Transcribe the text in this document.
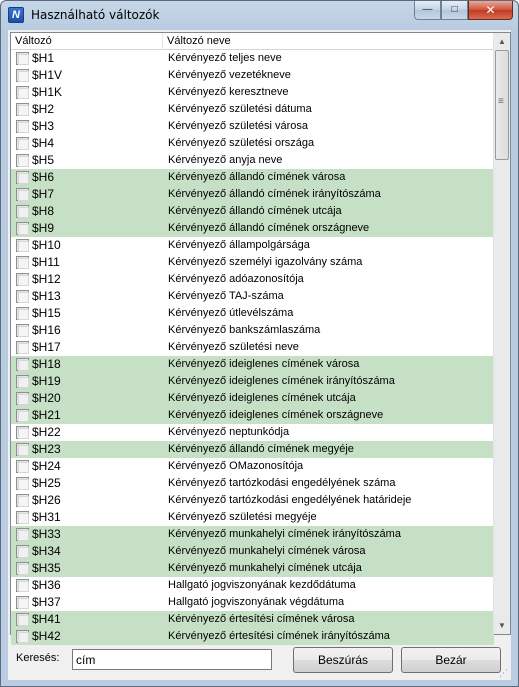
N Használható változók	—	□	✕
Változó	Változó neve
$H1	Kérvényező teljes neve
$H1V	Kérvényező vezetékneve
$H1K	Kérvényező keresztneve
$H2	Kérvényező születési dátuma
$H3	Kérvényező születési városa
$H4	Kérvényező születési országa
$H5	Kérvényező anyja neve
$H6	Kérvényező állandó címének városa
$H7	Kérvényező állandó címének irányítószáma
$H8	Kérvényező állandó címének utcája
$H9	Kérvényező állandó címének országneve
$H10	Kérvényező állampolgársága
$H11	Kérvényező személyi igazolvány száma
$H12	Kérvényező adóazonosítója
$H13	Kérvényező TAJ-száma
$H15	Kérvényező útlevélszáma
$H16	Kérvényező bankszámlaszáma
$H17	Kérvényező születési neve
$H18	Kérvényező ideiglenes címének városa
$H19	Kérvényező ideiglenes címének irányítószáma
$H20	Kérvényező ideiglenes címének utcája
$H21	Kérvényező ideiglenes címének országneve
$H22	Kérvényező neptunkódja
$H23	Kérvényező állandó címének megyéje
$H24	Kérvényező OMazonosítója
$H25	Kérvényező tartózkodási engedélyének száma
$H26	Kérvényező tartózkodási engedélyének határideje
$H31	Kérvényező születési megyéje
$H33	Kérvényező munkahelyi címének irányítószáma
$H34	Kérvényező munkahelyi címének városa
$H35	Kérvényező munkahelyi címének utcája
$H36	Hallgató jogviszonyának kezdődátuma
$H37	Hallgató jogviszonyának végdátuma
$H41	Kérvényező értesítési címének városa
$H42	Kérvényező értesítési címének irányítószáma
▲
≡
▼
Keresés:
cím	Beszúrás	Bezár
⋰
